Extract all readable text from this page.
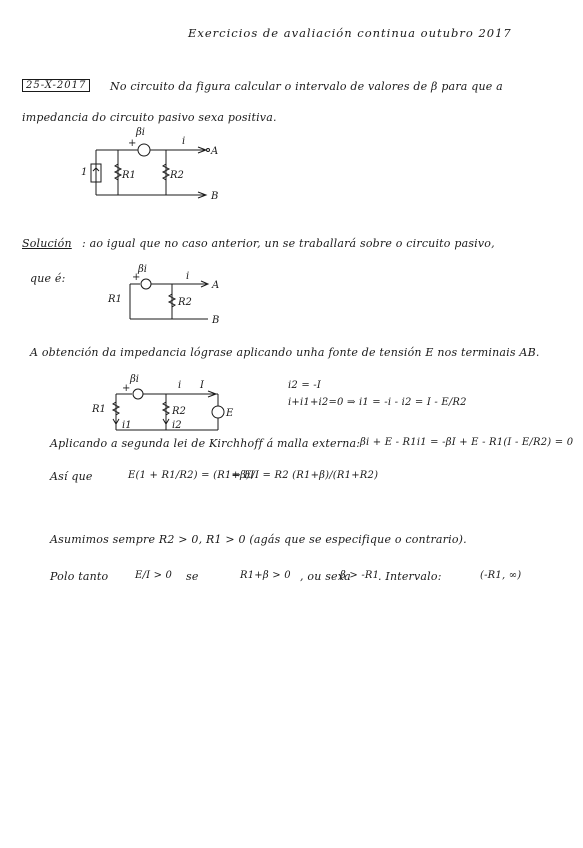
Exercicios de avaliación continua outubro 2017
25-X-2017	No circuito da figura calcular o intervalo de valores de β para que a
impedancia do circuito pasivo sexa positiva.
βi
+	i
1	R1	R2
A
B
Solución : ao igual que no caso anterior, un se traballará sobre o circuito pasivo,
que é:
βi
+	i
R1	R2
A
B
A obtención da impedancia lógrase aplicando unha fonte de tensión E nos terminais AB.
βi
+	i I
R1	R2
i1	i2
E
i2 = -I
i+i1+i2=0 ⇒ i1 = -i - i2 = I - E/R2
Aplicando a segunda lei de Kirchhoff á malla externa: βi + E - R1i1 = -βI + E - R1(I - E/R2) = 0
Así que	E(1 + R1/R2) = (R1+β)I
⇒ E/I = R2 (R1+β)/(R1+R2)
Asumimos sempre R2 > 0, R1 > 0 (agás que se especifique o contrario).
Polo tanto	E/I > 0 se	R1+β > 0 , ou sexa
β > -R1
. Intervalo:	(-R1, ∞)
